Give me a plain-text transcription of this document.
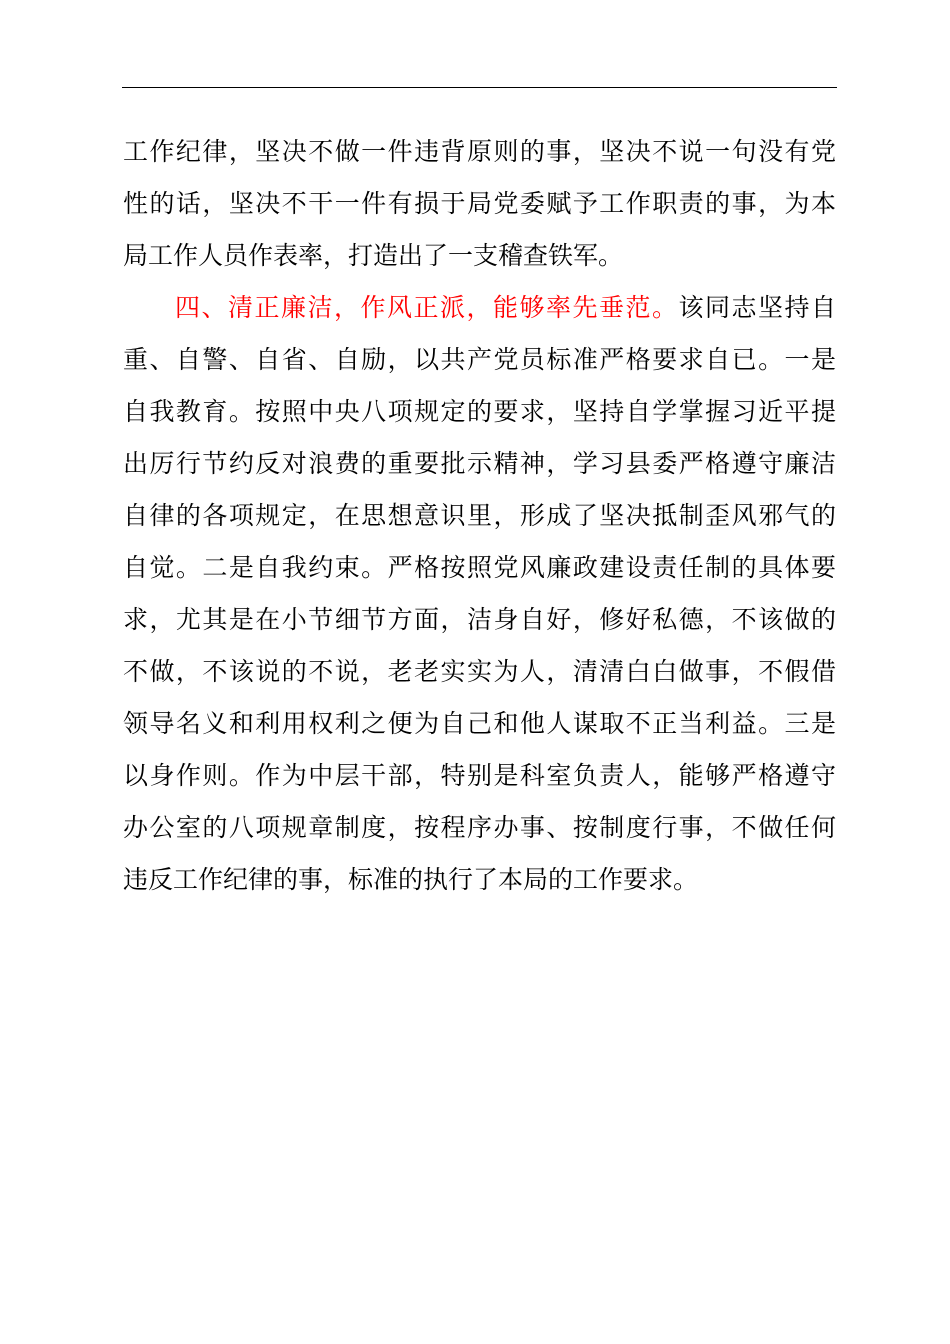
工作纪律，坚决不做一件违背原则的事，坚决不说一句没有党
性的话，坚决不干一件有损于局党委赋予工作职责的事，为本
局工作人员作表率，打造出了一支稽查铁军。
四、清正廉洁，作风正派，能够率先垂范。该同志坚持自
重、自警、自省、自励，以共产党员标准严格要求自已。一是
自我教育。按照中央八项规定的要求，坚持自学掌握习近平提
出厉行节约反对浪费的重要批示精神，学习县委严格遵守廉洁
自律的各项规定，在思想意识里，形成了坚决抵制歪风邪气的
自觉。二是自我约束。严格按照党风廉政建设责任制的具体要
求，尤其是在小节细节方面，洁身自好，修好私德，不该做的
不做，不该说的不说，老老实实为人，清清白白做事，不假借
领导名义和利用权利之便为自己和他人谋取不正当利益。三是
以身作则。作为中层干部，特别是科室负责人，能够严格遵守
办公室的八项规章制度，按程序办事、按制度行事，不做任何
违反工作纪律的事，标准的执行了本局的工作要求。
